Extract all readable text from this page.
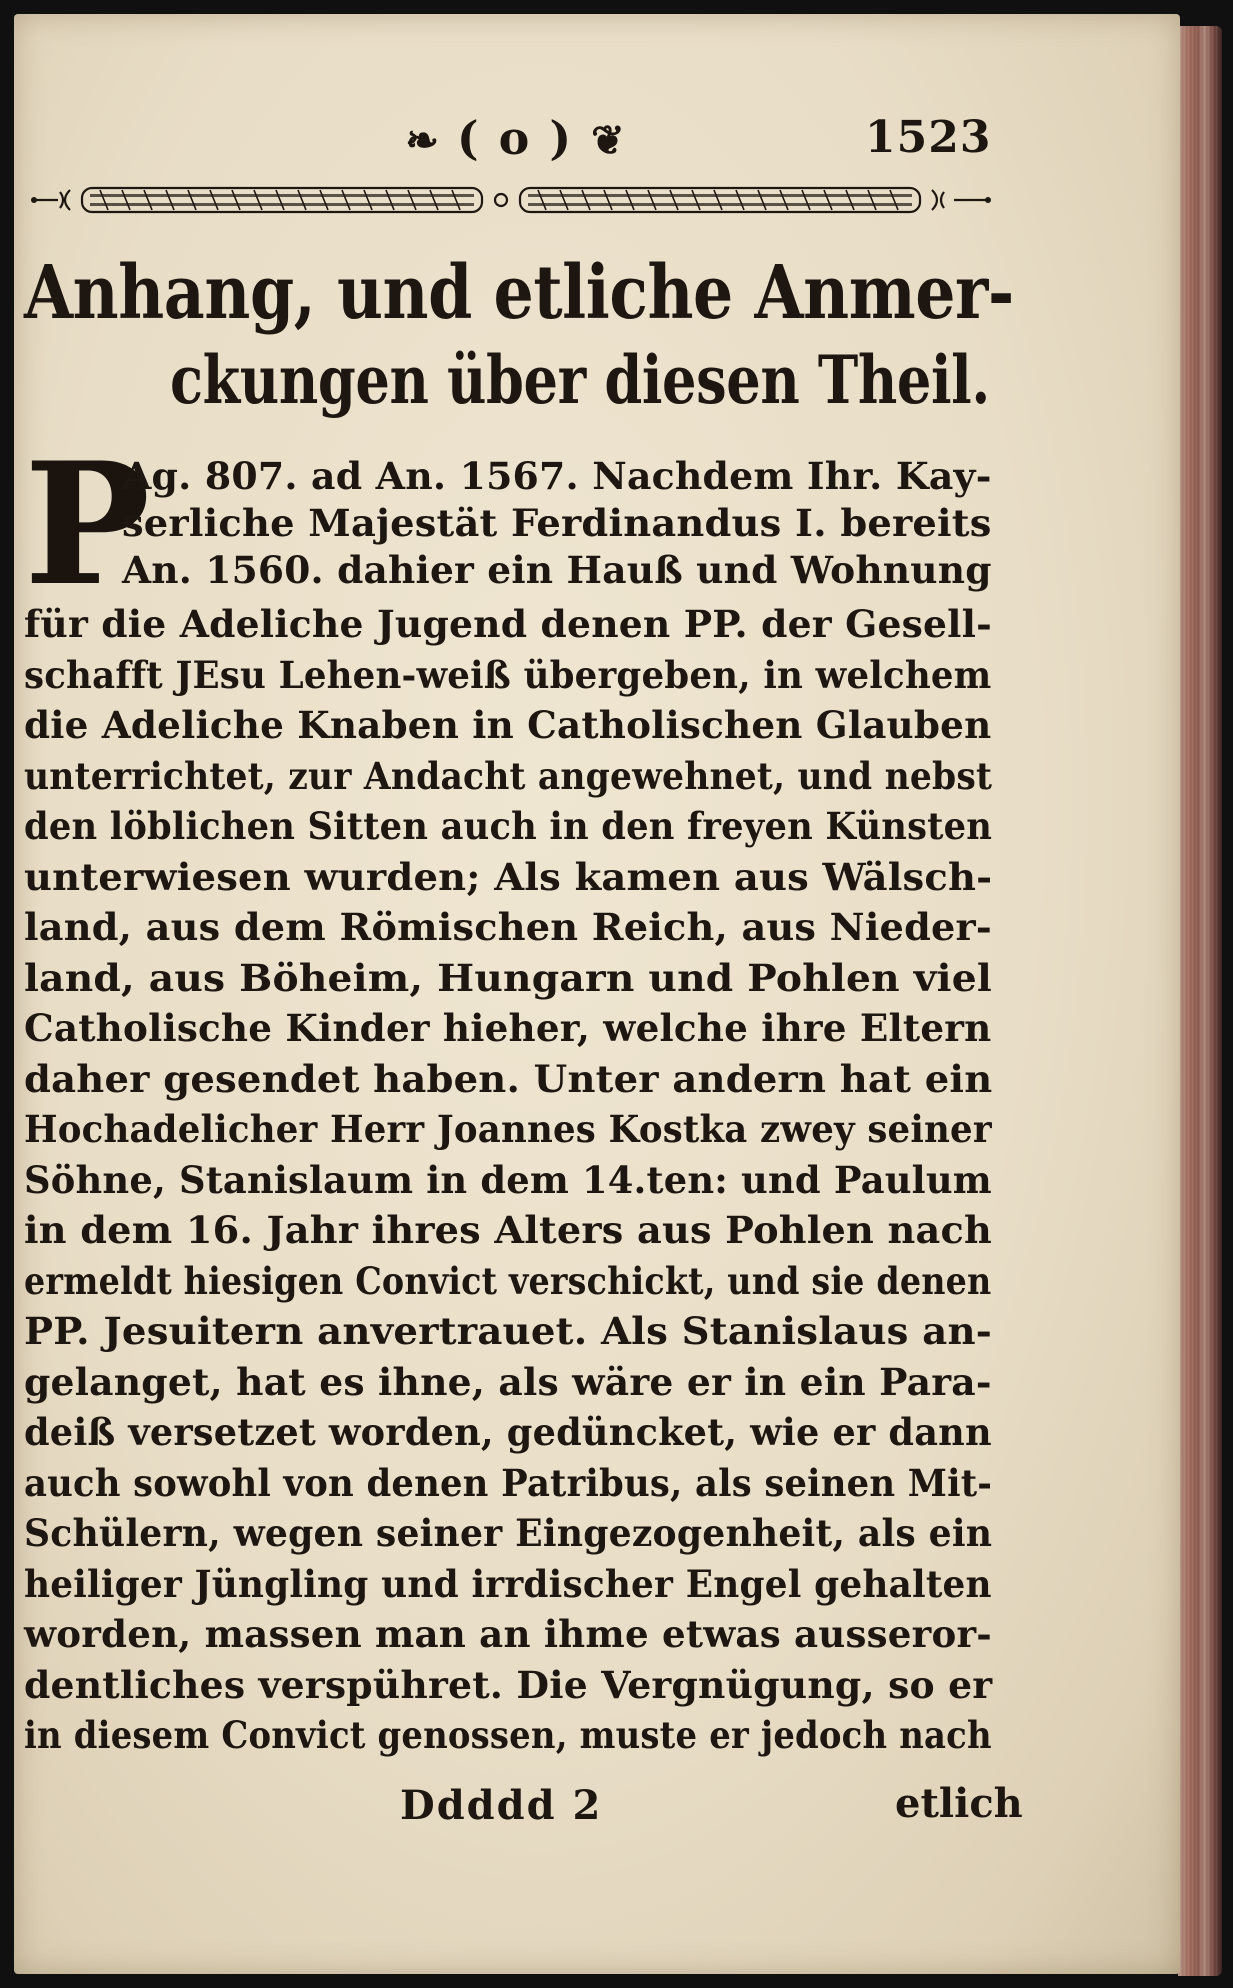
❧ ( o ) ❦	1523
Anhang, und etliche Anmer-
ckungen über diesen Theil.
P
Ag. 807. ad An. 1567. Nachdem Ihr. Kay-
serliche Majestät Ferdinandus I. bereits
An. 1560. dahier ein Hauß und Wohnung
für die Adeliche Jugend denen PP. der Gesell-
schafft JEsu Lehen-weiß übergeben, in welchem
die Adeliche Knaben in Catholischen Glauben
unterrichtet, zur Andacht angewehnet, und nebst
den löblichen Sitten auch in den freyen Künsten
unterwiesen wurden; Als kamen aus Wälsch-
land, aus dem Römischen Reich, aus Nieder-
land, aus Böheim, Hungarn und Pohlen viel
Catholische Kinder hieher, welche ihre Eltern
daher gesendet haben. Unter andern hat ein
Hochadelicher Herr Joannes Kostka zwey seiner
Söhne, Stanislaum in dem 14.ten: und Paulum
in dem 16. Jahr ihres Alters aus Pohlen nach
ermeldt hiesigen Convict verschickt, und sie denen
PP. Jesuitern anvertrauet. Als Stanislaus an-
gelanget, hat es ihne, als wäre er in ein Para-
deiß versetzet worden, gedüncket, wie er dann
auch sowohl von denen Patribus, als seinen Mit-
Schülern, wegen seiner Eingezogenheit, als ein
heiliger Jüngling und irrdischer Engel gehalten
worden, massen man an ihme etwas ausseror-
dentliches verspühret. Die Vergnügung, so er
Ddddd 2	etlich
in diesem Convict genossen, muste er jedoch nach
